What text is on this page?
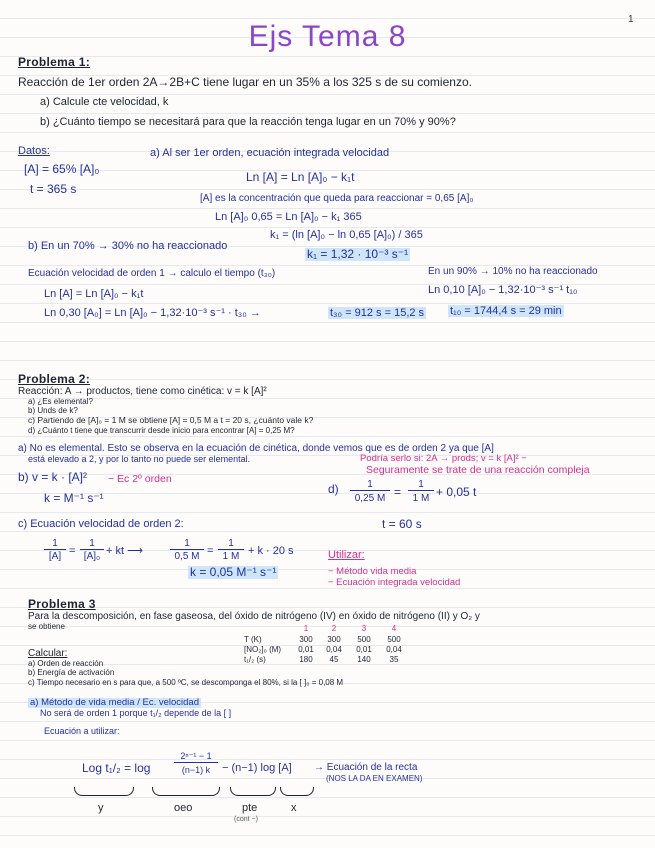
1
Ejs Tema 8
Problema 1:
Reacción de 1er orden 2A→2B+C tiene lugar en un 35% a los 325 s de su comienzo.
a) Calcule cte velocidad, k
b) ¿Cuánto tiempo se necesitará para que la reacción tenga lugar en un 70% y 90%?
Datos:	a) Al ser 1er orden, ecuación integrada velocidad
[A] = 65% [A]₀
t = 365 s
Ln [A] = Ln [A]₀ − k₁t
[A] es la concentración que queda para reaccionar = 0,65 [A]₀
Ln [A]₀ 0,65 = Ln [A]₀ − k₁ 365
k₁ = (ln [A]₀ − ln 0,65 [A]₀) / 365
k₁ = 1,32 · 10⁻³ s⁻¹
b) En un 70% → 30% no ha reaccionado
En un 90% → 10% no ha reaccionado
Ecuación velocidad de orden 1 → calculo el tiempo (t₃₀)
Ln [A] = Ln [A]₀ − k₁t	Ln 0,10 [A]₀ − 1,32·10⁻³ s⁻¹ t₁₀
Ln 0,30 [A₀] = Ln [A]₀ − 1,32·10⁻³ s⁻¹ · t₃₀ →	t₃₀ = 912 s = 15,2 s t₁₀ = 1744,4 s = 29 min
Problema 2:
Reacción: A → productos, tiene como cinética: v = k [A]²
a) ¿Es elemental?
b) Unds de k?
c) Partiendo de [A]₀ = 1 M se obtiene [A] = 0,5 M a t = 20 s, ¿cuánto vale k?
d) ¿Cuánto t tiene que transcurrir desde inicio para encontrar [A] = 0,25 M?
a) No es elemental. Esto se observa en la ecuación de cinética, donde vemos que es de orden 2 ya que [A]
está elevado a 2, y por lo tanto no puede ser elemental.	Podría serlo si: 2A → prods; v = k [A]² −
Seguramente se trate de una reacción compleja
b) v = k · [A]² − Ec 2º orden
k = M⁻¹ s⁻¹
d)	1
0,25 M =
1
1 M + 0,05 t
t = 60 s
c) Ecuación velocidad de orden 2:
1
[A] =
1
[A]₀ + kt ⟶
1
0,5 M =
1
1 M + k · 20 s
k = 0,05 M⁻¹ s⁻¹
Utilizar:
− Método vida media
− Ecuación integrada velocidad
Problema 3
Para la descomposición, en fase gaseosa, del óxido de nitrógeno (IV) en óxido de nitrógeno (II) y O₂ y
se obtiene	1	2	3	4
T (K)	300	300	500	500
[NO₂]₀ (M)	0,01	0,04	0,01	0,04
t₁/₂ (s)	180	45	140	35
Calcular:
a) Orden de reacción
b) Energía de activación
c) Tiempo necesario en s para que, a 500 ºC, se descomponga el 80%, si la [ ]₀ = 0,08 M
a) Método de vida media / Ec. velocidad
No será de orden 1 porque t₁/₂ depende de la [ ]
Ecuación a utilizar:
Log t₁/₂ = log
2ⁿ⁻¹ − 1
(n−1) k	− (n−1) log [A] → Ecuación de la recta
(NOS LA DA EN EXAMEN)
y	oeo	pte	x
(cont −)
